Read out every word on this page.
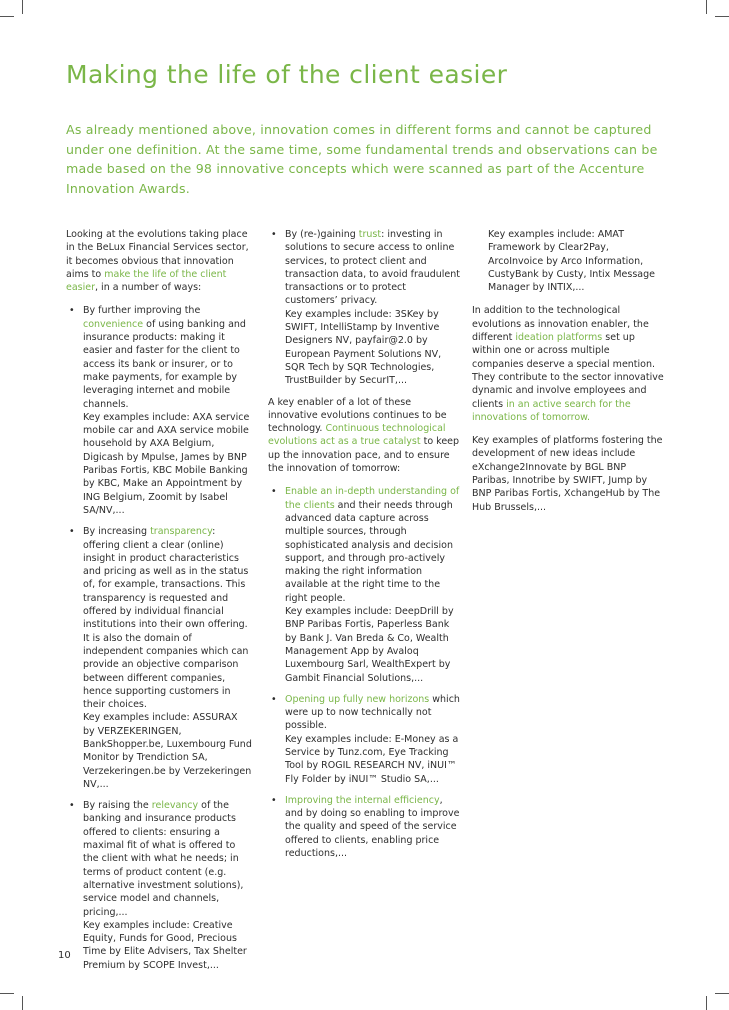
Making the life of the client easier
As already mentioned above, innovation comes in different forms and cannot be captured under one definition. At the same time, some fundamental trends and observations can be made based on the 98 innovative concepts which were scanned as part of the Accenture Innovation Awards.

Looking at the evolutions taking place in the BeLux Financial Services sector, it becomes obvious that innovation aims to make the life of the client easier, in a number of ways:

• By further improving the convenience of using banking and insurance products: making it easier and faster for the client to access its bank or insurer, or to make payments, for example by leveraging internet and mobile channels.

Key examples include: AXA service mobile car and AXA service mobile household by AXA Belgium, Digicash by Mpulse, James by BNP Paribas Fortis, KBC Mobile Banking by KBC, Make an Appointment by ING Belgium, Zoomit by Isabel SA/NV,...

• By increasing transparency: offering client a clear (online) insight in product characteristics and pricing as well as in the status of, for example, transactions. This transparency is requested and offered by individual financial institutions into their own offering. It is also the domain of independent companies which can provide an objective comparison between different companies, hence supporting customers in their choices.

Key examples include: ASSURAX by VERZEKERINGEN, BankShopper.be, Luxembourg Fund Monitor by Trendiction SA, Verzekeringen.be by Verzekeringen NV,...

• By raising the relevancy of the banking and insurance products offered to clients: ensuring a maximal fit of what is offered to the client with what he needs; in terms of product content (e.g. alternative investment solutions), service model and channels, pricing,...

Key examples include: Creative Equity, Funds for Good, Precious Time by Elite Advisers, Tax Shelter Premium by SCOPE Invest,...

• By (re-)gaining trust: investing in solutions to secure access to online services, to protect client and transaction data, to avoid fraudulent transactions or to protect customers’ privacy.

Key examples include: 3SKey by SWIFT, IntelliStamp by Inventive Designers NV, payfair@2.0 by European Payment Solutions NV, SQR Tech by SQR Technologies, TrustBuilder by SecurIT,...

A key enabler of a lot of these innovative evolutions continues to be technology. Continuous technological evolutions act as a true catalyst to keep up the innovation pace, and to ensure the innovation of tomorrow:

• Enable an in-depth understanding of the clients and their needs through advanced data capture across multiple sources, through sophisticated analysis and decision support, and through pro-actively making the right information available at the right time to the right people.

Key examples include: DeepDrill by BNP Paribas Fortis, Paperless Bank by Bank J. Van Breda & Co, Wealth Management App by Avaloq Luxembourg Sarl, WealthExpert by Gambit Financial Solutions,...

• Opening up fully new horizons which were up to now technically not possible.

Key examples include: E-Money as a Service by Tunz.com, Eye Tracking Tool by ROGIL RESEARCH NV, iNUI™ Fly Folder by iNUI™ Studio SA,...

• Improving the internal efficiency, and by doing so enabling to improve the quality and speed of the service offered to clients, enabling price reductions,...

Key examples include: AMAT Framework by Clear2Pay, ArcoInvoice by Arco Information, CustyBank by Custy, Intix Message Manager by INTIX,...

In addition to the technological evolutions as innovation enabler, the different ideation platforms set up within one or across multiple companies deserve a special mention. They contribute to the sector innovative dynamic and involve employees and clients in an active search for the innovations of tomorrow.

Key examples of platforms fostering the development of new ideas include eXchange2Innovate by BGL BNP Paribas, Innotribe by SWIFT, Jump by BNP Paribas Fortis, XchangeHub by The Hub Brussels,...

10
